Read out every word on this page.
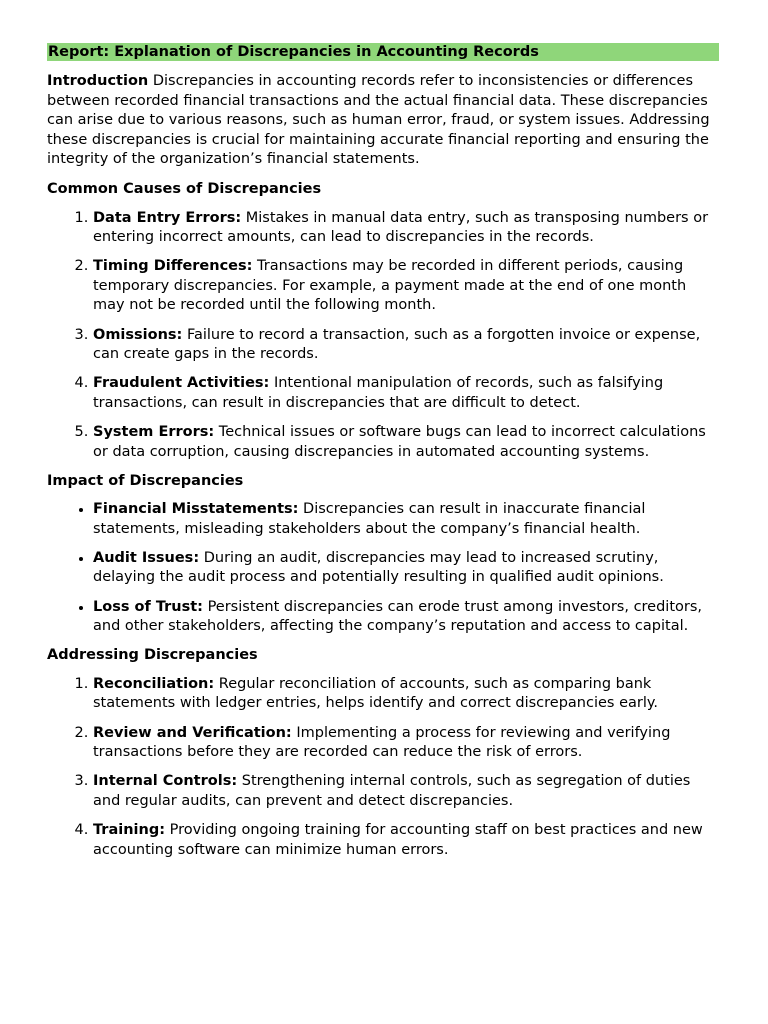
Report: Explanation of Discrepancies in Accounting Records

Introduction Discrepancies in accounting records refer to inconsistencies or differences between recorded financial transactions and the actual financial data. These discrepancies can arise due to various reasons, such as human error, fraud, or system issues. Addressing these discrepancies is crucial for maintaining accurate financial reporting and ensuring the integrity of the organization’s financial statements.

Common Causes of Discrepancies
1. Data Entry Errors: Mistakes in manual data entry, such as transposing numbers or entering incorrect amounts, can lead to discrepancies in the records.
2. Timing Differences: Transactions may be recorded in different periods, causing temporary discrepancies. For example, a payment made at the end of one month may not be recorded until the following month.
3. Omissions: Failure to record a transaction, such as a forgotten invoice or expense, can create gaps in the records.
4. Fraudulent Activities: Intentional manipulation of records, such as falsifying transactions, can result in discrepancies that are difficult to detect.
5. System Errors: Technical issues or software bugs can lead to incorrect calculations or data corruption, causing discrepancies in automated accounting systems.
Impact of Discrepancies
• Financial Misstatements: Discrepancies can result in inaccurate financial statements, misleading stakeholders about the company’s financial health.
• Audit Issues: During an audit, discrepancies may lead to increased scrutiny, delaying the audit process and potentially resulting in qualified audit opinions.
• Loss of Trust: Persistent discrepancies can erode trust among investors, creditors, and other stakeholders, affecting the company’s reputation and access to capital.
Addressing Discrepancies
1. Reconciliation: Regular reconciliation of accounts, such as comparing bank statements with ledger entries, helps identify and correct discrepancies early.
2. Review and Verification: Implementing a process for reviewing and verifying transactions before they are recorded can reduce the risk of errors.
3. Internal Controls: Strengthening internal controls, such as segregation of duties and regular audits, can prevent and detect discrepancies.
4. Training: Providing ongoing training for accounting staff on best practices and new accounting software can minimize human errors.
